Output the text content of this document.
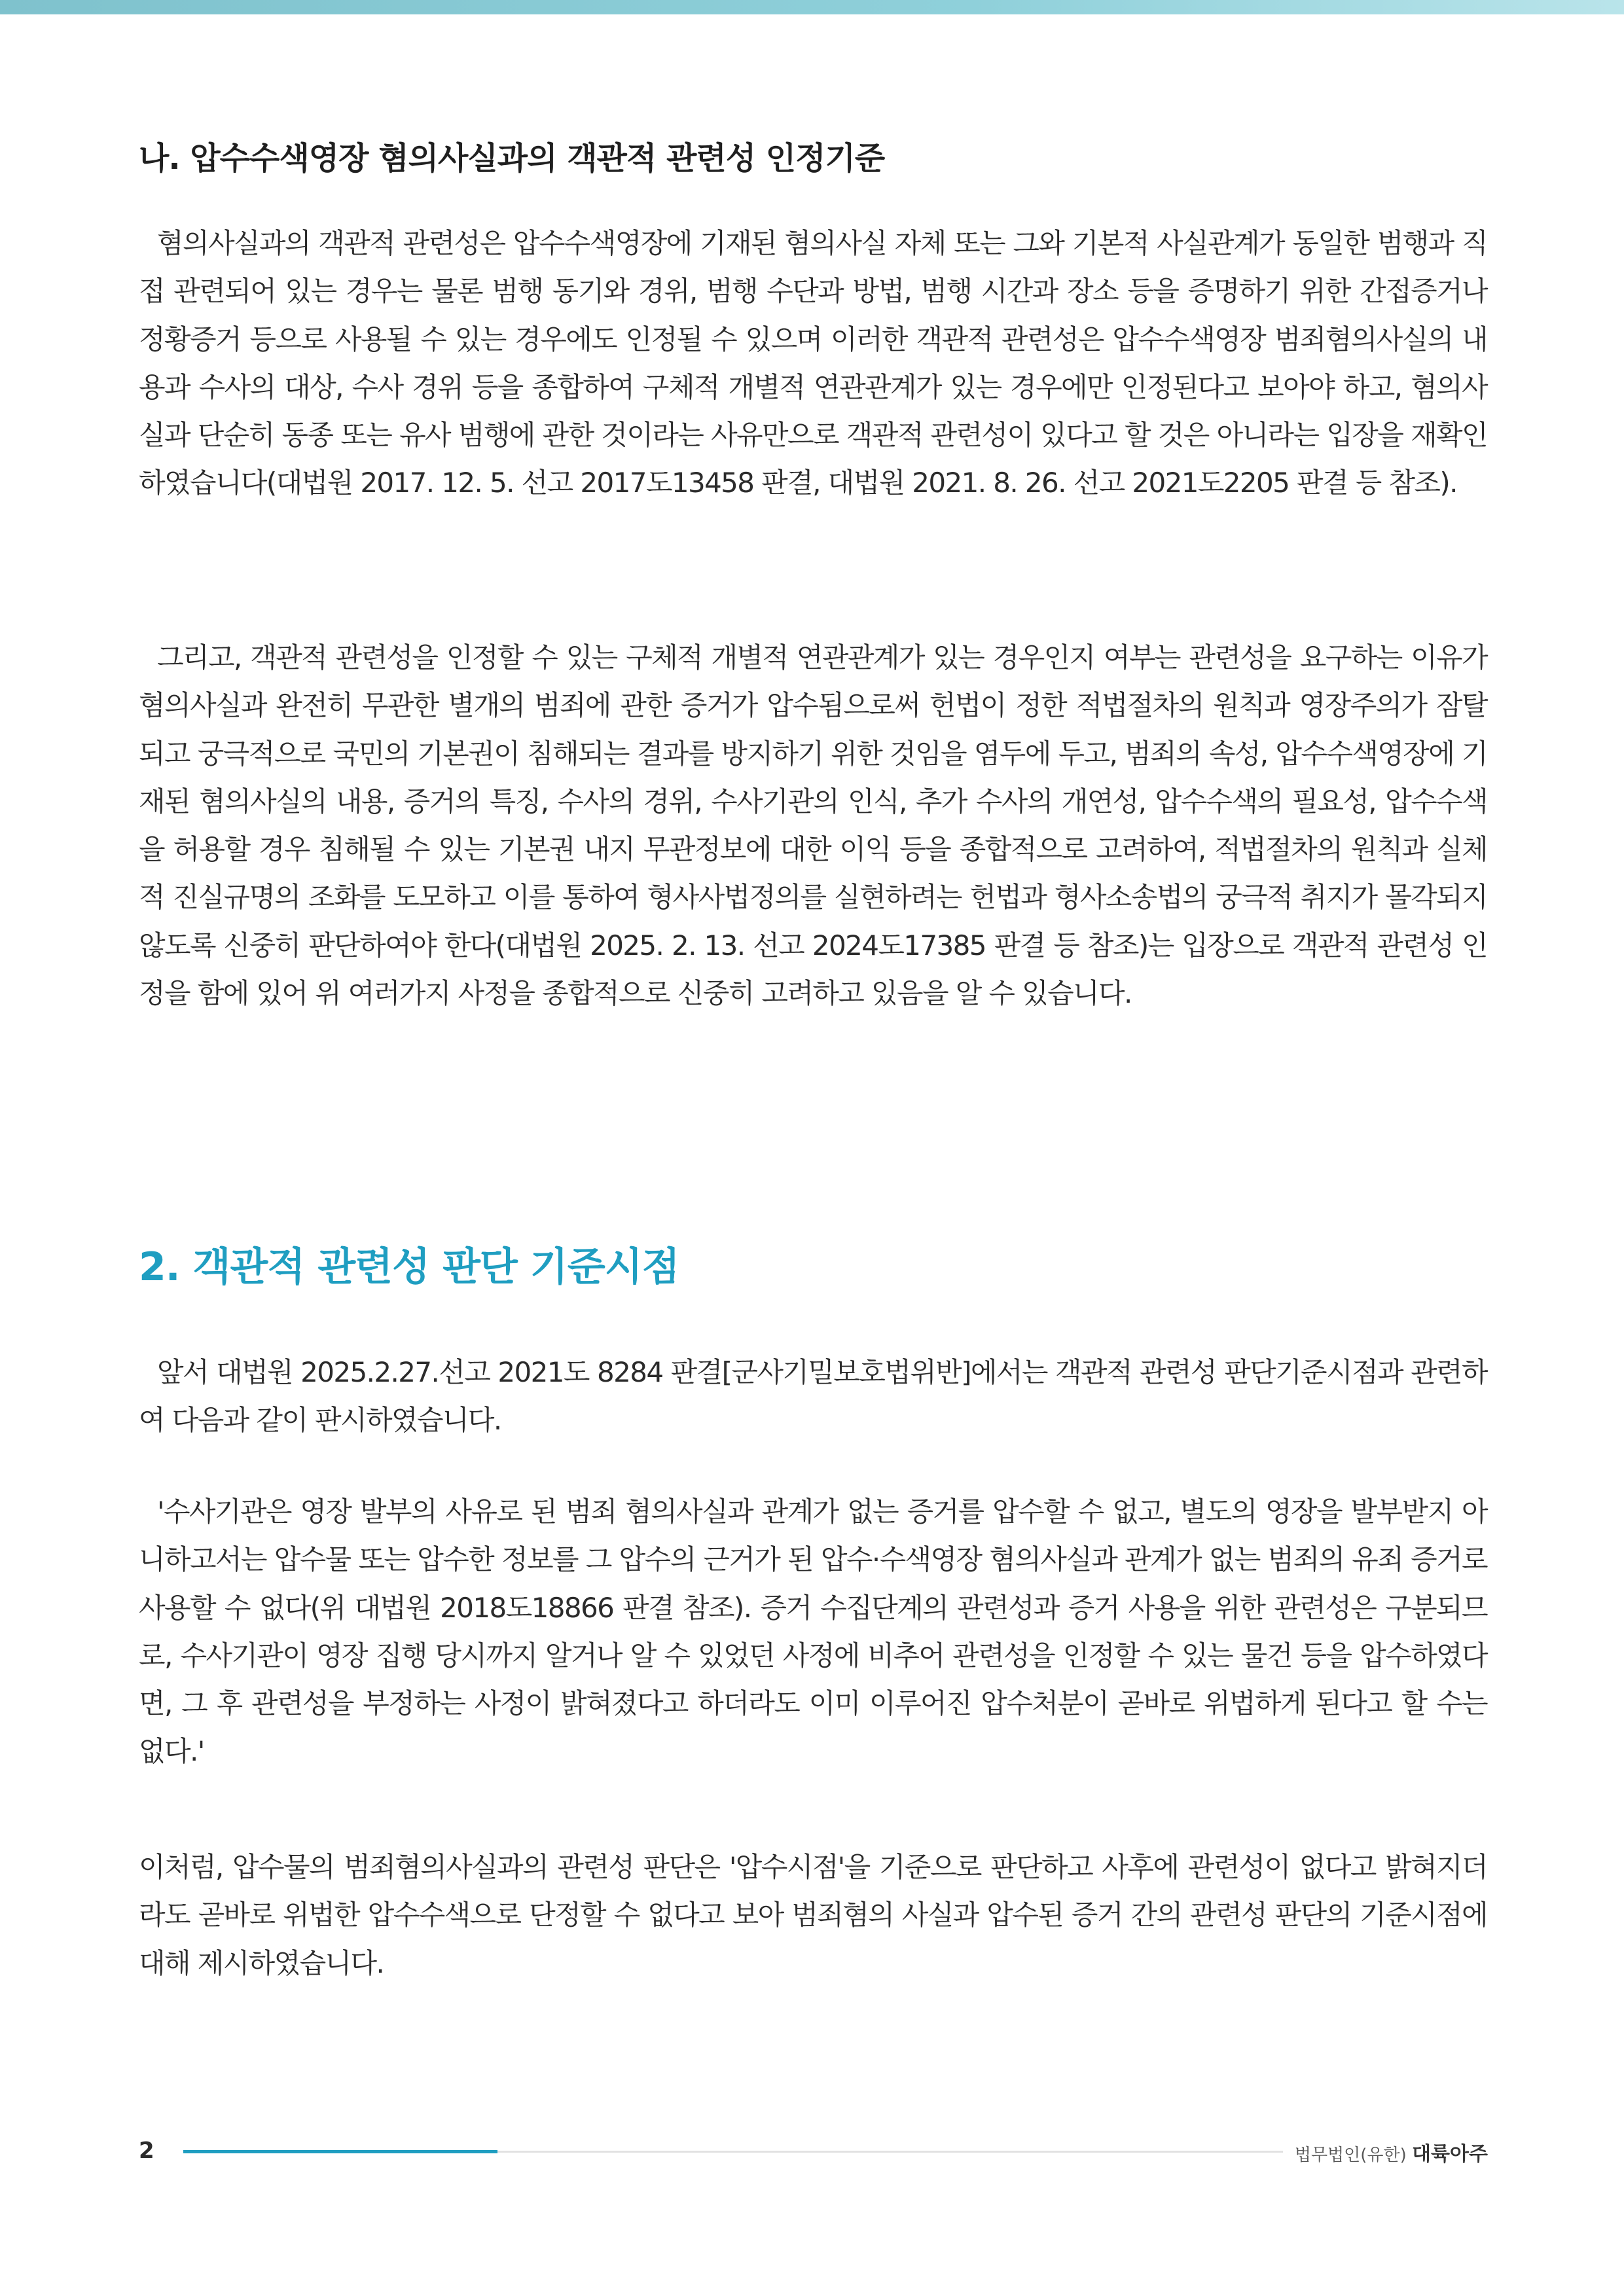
나. 압수수색영장 혐의사실과의 객관적 관련성 인정기준

혐의사실과의 객관적 관련성은 압수수색영장에 기재된 혐의사실 자체 또는 그와 기본적 사실관계가 동일한 범행과 직접 관련되어 있는 경우는 물론 범행 동기와 경위, 범행 수단과 방법, 범행 시간과 장소 등을 증명하기 위한 간접증거나 정황증거 등으로 사용될 수 있는 경우에도 인정될 수 있으며 이러한 객관적 관련성은 압수수색영장 범죄혐의사실의 내용과 수사의 대상, 수사 경위 등을 종합하여 구체적 개별적 연관관계가 있는 경우에만 인정된다고 보아야 하고, 혐의사실과 단순히 동종 또는 유사 범행에 관한 것이라는 사유만으로 객관적 관련성이 있다고 할 것은 아니라는 입장을 재확인하였습니다(대법원 2017. 12. 5. 선고 2017도13458 판결, 대법원 2021. 8. 26. 선고 2021도2205 판결 등 참조).

그리고, 객관적 관련성을 인정할 수 있는 구체적 개별적 연관관계가 있는 경우인지 여부는 관련성을 요구하는 이유가 혐의사실과 완전히 무관한 별개의 범죄에 관한 증거가 압수됨으로써 헌법이 정한 적법절차의 원칙과 영장주의가 잠탈되고 궁극적으로 국민의 기본권이 침해되는 결과를 방지하기 위한 것임을 염두에 두고, 범죄의 속성, 압수수색영장에 기재된 혐의사실의 내용, 증거의 특징, 수사의 경위, 수사기관의 인식, 추가 수사의 개연성, 압수수색의 필요성, 압수수색을 허용할 경우 침해될 수 있는 기본권 내지 무관정보에 대한 이익 등을 종합적으로 고려하여, 적법절차의 원칙과 실체적 진실규명의 조화를 도모하고 이를 통하여 형사사법정의를 실현하려는 헌법과 형사소송법의 궁극적 취지가 몰각되지 않도록 신중히 판단하여야 한다(대법원 2025. 2. 13. 선고 2024도17385 판결 등 참조)는 입장으로 객관적 관련성 인정을 함에 있어 위 여러가지 사정을 종합적으로 신중히 고려하고 있음을 알 수 있습니다.

2. 객관적 관련성 판단 기준시점

앞서 대법원 2025.2.27.선고 2021도 8284 판결[군사기밀보호법위반]에서는 객관적 관련성 판단기준시점과 관련하여 다음과 같이 판시하였습니다.

'수사기관은 영장 발부의 사유로 된 범죄 혐의사실과 관계가 없는 증거를 압수할 수 없고, 별도의 영장을 발부받지 아니하고서는 압수물 또는 압수한 정보를 그 압수의 근거가 된 압수·수색영장 혐의사실과 관계가 없는 범죄의 유죄 증거로 사용할 수 없다(위 대법원 2018도18866 판결 참조). 증거 수집단계의 관련성과 증거 사용을 위한 관련성은 구분되므로, 수사기관이 영장 집행 당시까지 알거나 알 수 있었던 사정에 비추어 관련성을 인정할 수 있는 물건 등을 압수하였다면, 그 후 관련성을 부정하는 사정이 밝혀졌다고 하더라도 이미 이루어진 압수처분이 곧바로 위법하게 된다고 할 수는 없다.'

이처럼, 압수물의 범죄혐의사실과의 관련성 판단은 '압수시점'을 기준으로 판단하고 사후에 관련성이 없다고 밝혀지더라도 곧바로 위법한 압수수색으로 단정할 수 없다고 보아 범죄혐의 사실과 압수된 증거 간의 관련성 판단의 기준시점에 대해 제시하였습니다.

2	법무법인(유한) 대륙아주
